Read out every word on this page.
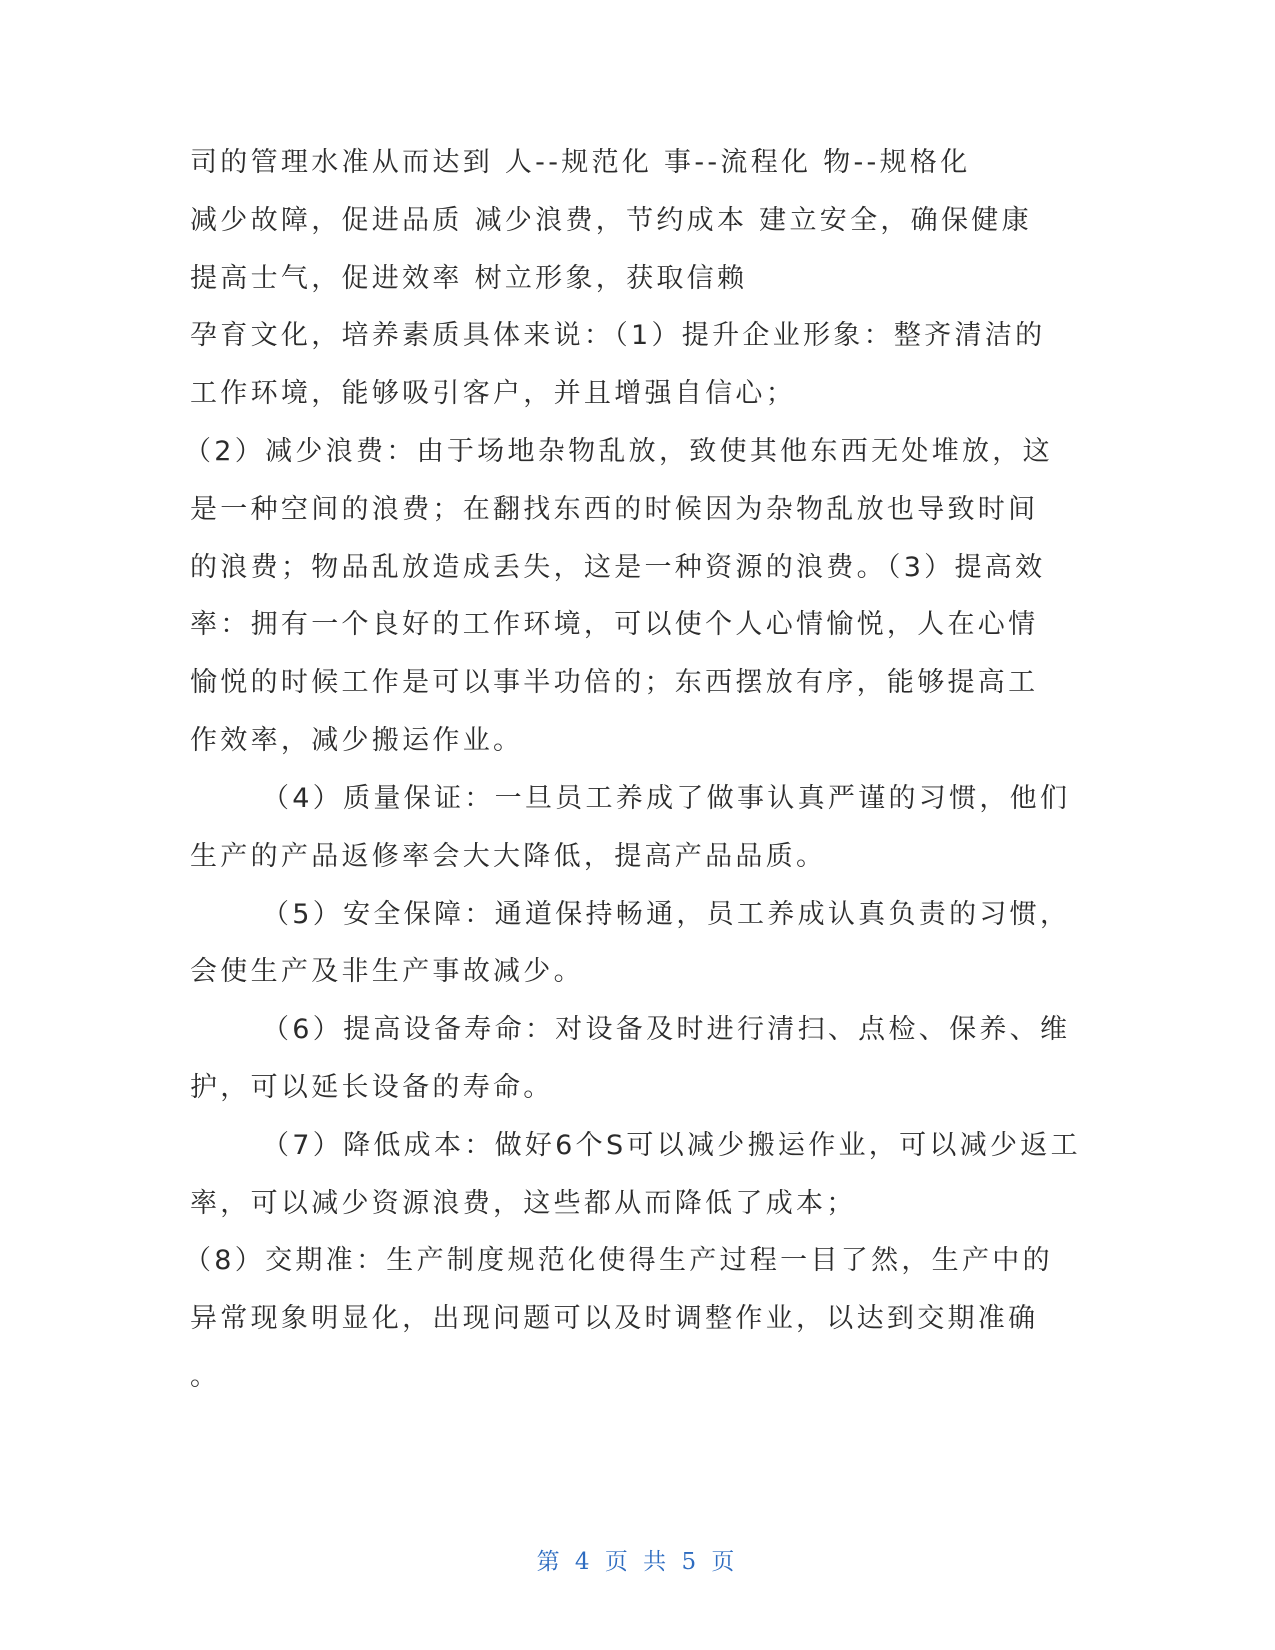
司的管理水准从而达到 人--规范化 事--流程化 物--规格化

减少故障，促进品质 减少浪费，节约成本 建立安全，确保健康

提高士气，促进效率 树立形象，获取信赖

孕育文化，培养素质具体来说：（1）提升企业形象：整齐清洁的

工作环境，能够吸引客户，并且增强自信心；

（2）减少浪费：由于场地杂物乱放，致使其他东西无处堆放，这

是一种空间的浪费；在翻找东西的时候因为杂物乱放也导致时间

的浪费；物品乱放造成丢失，这是一种资源的浪费。（3）提高效

率：拥有一个良好的工作环境，可以使个人心情愉悦，人在心情

愉悦的时候工作是可以事半功倍的；东西摆放有序，能够提高工

作效率，减少搬运作业。

（4）质量保证：一旦员工养成了做事认真严谨的习惯，他们

生产的产品返修率会大大降低，提高产品品质。

（5）安全保障：通道保持畅通，员工养成认真负责的习惯，

会使生产及非生产事故减少。

（6）提高设备寿命：对设备及时进行清扫、点检、保养、维

护，可以延长设备的寿命。

（7）降低成本：做好6个S可以减少搬运作业，可以减少返工

率，可以减少资源浪费，这些都从而降低了成本；

（8）交期准：生产制度规范化使得生产过程一目了然，生产中的

异常现象明显化，出现问题可以及时调整作业，以达到交期准确

。

第 4 页 共 5 页
